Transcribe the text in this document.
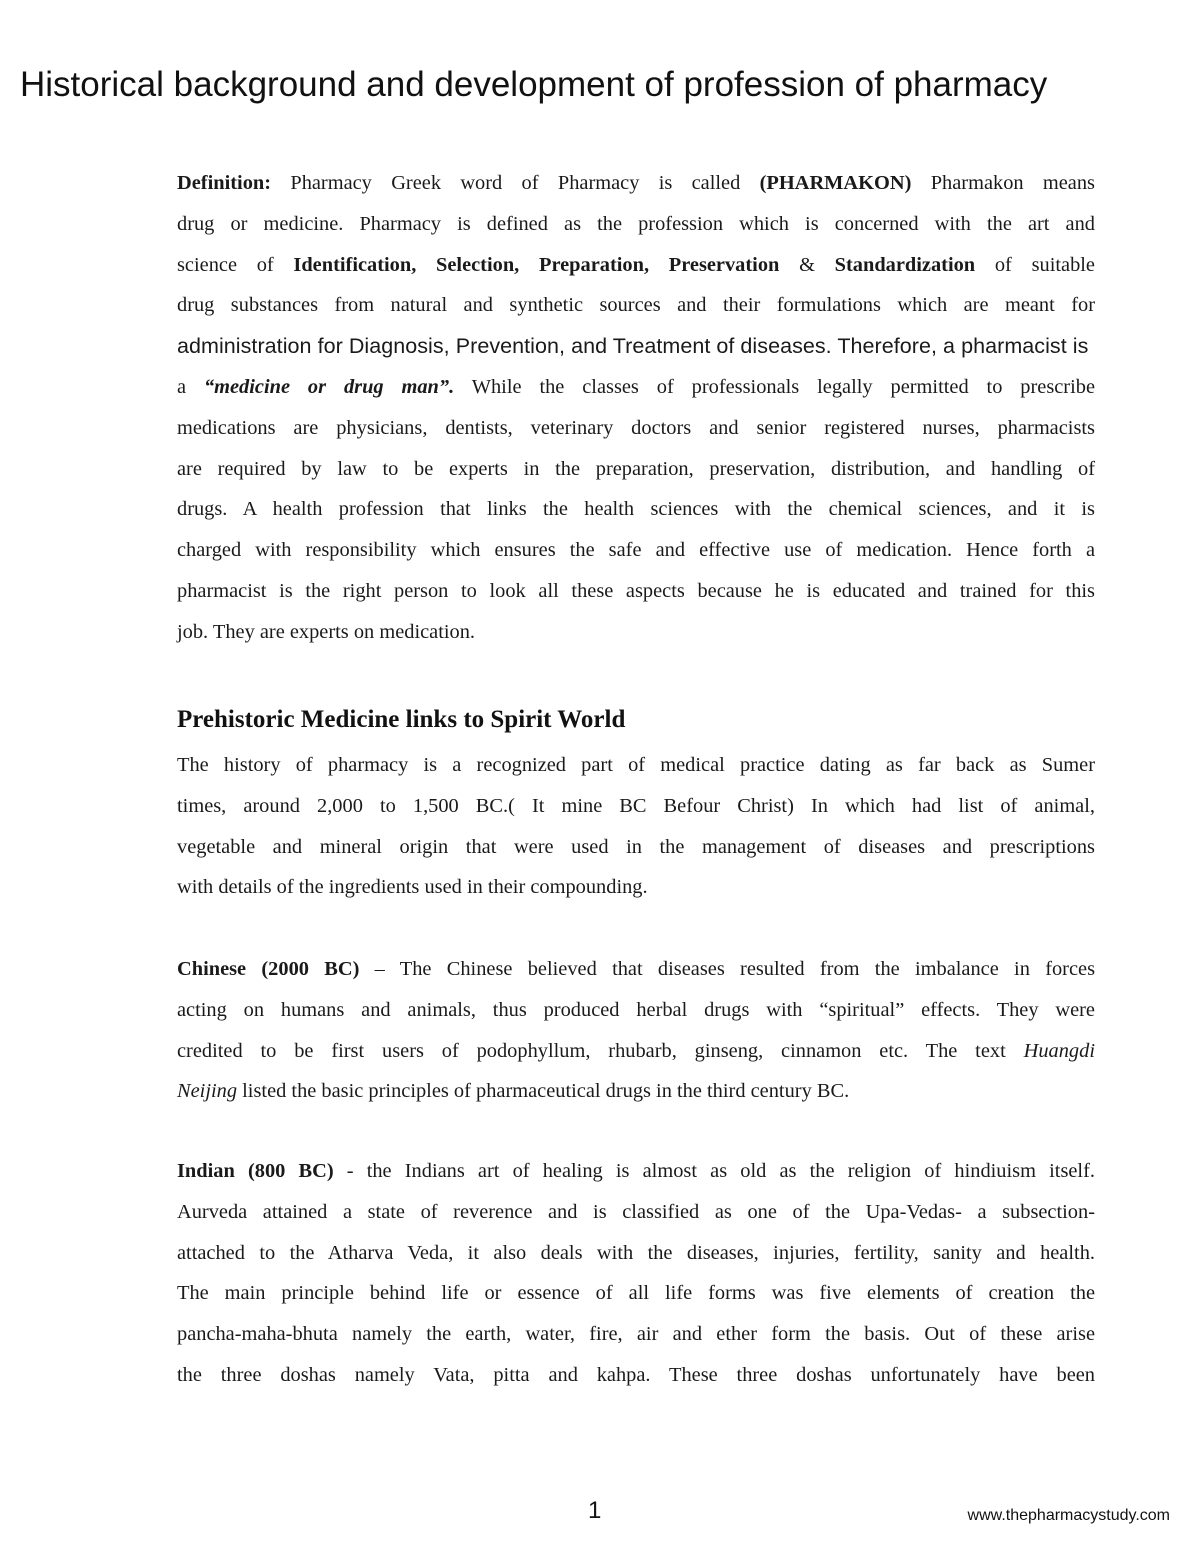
Historical background and development of profession of pharmacy
Definition: Pharmacy Greek word of Pharmacy is called (PHARMAKON) Pharmakon means
drug or medicine. Pharmacy is defined as the profession which is concerned with the art and
science of Identification, Selection, Preparation, Preservation & Standardization of suitable
drug substances from natural and synthetic sources and their formulations which are meant for
administration for Diagnosis, Prevention, and Treatment of diseases. Therefore, a pharmacist is
a “medicine or drug man”. While the classes of professionals legally permitted to prescribe
medications are physicians, dentists, veterinary doctors and senior registered nurses, pharmacists
are required by law to be experts in the preparation, preservation, distribution, and handling of
drugs. A health profession that links the health sciences with the chemical sciences, and it is
charged with responsibility which ensures the safe and effective use of medication. Hence forth a
pharmacist is the right person to look all these aspects because he is educated and trained for this
job. They are experts on medication.
Prehistoric Medicine links to Spirit World
The history of pharmacy is a recognized part of medical practice dating as far back as Sumer
times, around 2,000 to 1,500 BC.( It mine BC Befour Christ) In which had list of animal,
vegetable and mineral origin that were used in the management of diseases and prescriptions
with details of the ingredients used in their compounding.
Chinese (2000 BC) – The Chinese believed that diseases resulted from the imbalance in forces
acting on humans and animals, thus produced herbal drugs with “spiritual” effects. They were
credited to be first users of podophyllum, rhubarb, ginseng, cinnamon etc. The text Huangdi
Neijing listed the basic principles of pharmaceutical drugs in the third century BC.
Indian (800 BC) - the Indians art of healing is almost as old as the religion of hindiuism itself.
Aurveda attained a state of reverence and is classified as one of the Upa-Vedas- a subsection-
attached to the Atharva Veda, it also deals with the diseases, injuries, fertility, sanity and health.
The main principle behind life or essence of all life forms was five elements of creation the
pancha-maha-bhuta namely the earth, water, fire, air and ether form the basis. Out of these arise
the three doshas namely Vata, pitta and kahpa. These three doshas unfortunately have been
1	www.thepharmacystudy.com
